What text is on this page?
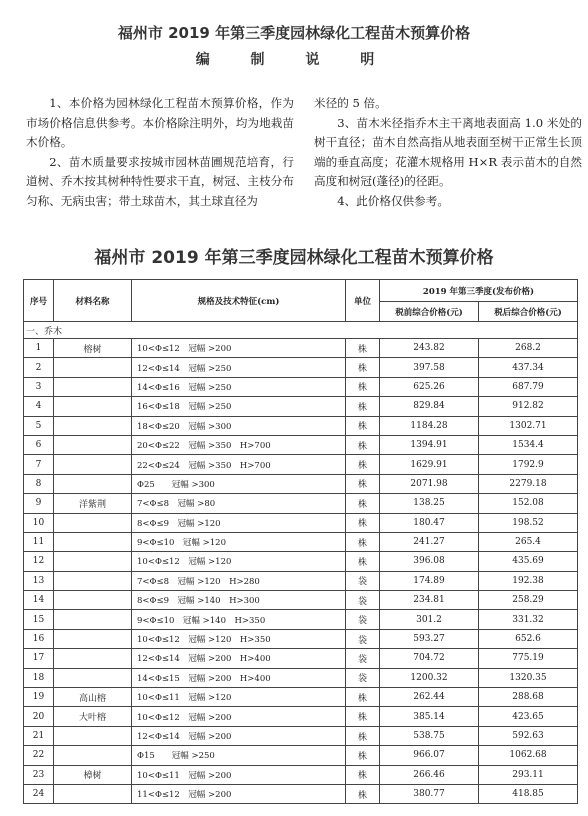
福州市 2019 年第三季度园林绿化工程苗木预算价格
编 制 说 明

1、本价格为园林绿化工程苗木预算价格，作为市场价格信息供参考。本价格除注明外，均为地栽苗木价格。

2、苗木质量要求按城市园林苗圃规范培育，行道树、乔木按其树种特性要求干直，树冠、主枝分布匀称、无病虫害；带土球苗木，其土球直径为

米径的 5 倍。

3、苗木米径指乔木主干离地表面高 1.0 米处的树干直径；苗木自然高指从地表面至树干正常生长顶端的垂直高度；花灌木规格用 H×R 表示苗木的自然高度和树冠(蓬径)的径距。

4、此价格仅供参考。

福州市 2019 年第三季度园林绿化工程苗木预算价格
序号	材料名称	规格及技术特征(cm)	单位	2019 年第三季度(发布价格)	
				税前综合价格(元)	税后综合价格(元)
一、乔木					
1	榕树	10<Φ≤12　冠幅 >200	株	243.82	268.2
2		12<Φ≤14　冠幅 >250	株	397.58	437.34
3		14<Φ≤16　冠幅 >250	株	625.26	687.79
4		16<Φ≤18　冠幅 >250	株	829.84	912.82
5		18<Φ≤20　冠幅 >300	株	1184.28	1302.71
6		20<Φ≤22　冠幅 >350　H>700	株	1394.91	1534.4
7		22<Φ≤24　冠幅 >350　H>700	株	1629.91	1792.9
8		Φ25　　冠幅 >300	株	2071.98	2279.18
9	洋紫荆	7<Φ≤8　冠幅 >80	株	138.25	152.08
10		8<Φ≤9　冠幅 >120	株	180.47	198.52
11		9<Φ≤10　冠幅 >120	株	241.27	265.4
12		10<Φ≤12　冠幅 >120	株	396.08	435.69
13		7<Φ≤8　冠幅 >120　H>280	袋	174.89	192.38
14		8<Φ≤9　冠幅 >140　H>300	袋	234.81	258.29
15		9<Φ≤10　冠幅 >140　H>350	袋	301.2	331.32
16		10<Φ≤12　冠幅 >120　H>350	袋	593.27	652.6
17		12<Φ≤14　冠幅 >200　H>400	袋	704.72	775.19
18		14<Φ≤15　冠幅 >200　H>400	袋	1200.32	1320.35
19	高山榕	10<Φ≤11　冠幅 >120	株	262.44	288.68
20	大叶榕	10<Φ≤12　冠幅 >200	株	385.14	423.65
21		12<Φ≤14　冠幅 >200	株	538.75	592.63
22		Φ15　　冠幅 >250	株	966.07	1062.68
23	樟树	10<Φ≤11　冠幅 >200	株	266.46	293.11
24		11<Φ≤12　冠幅 >200	株	380.77	418.85
